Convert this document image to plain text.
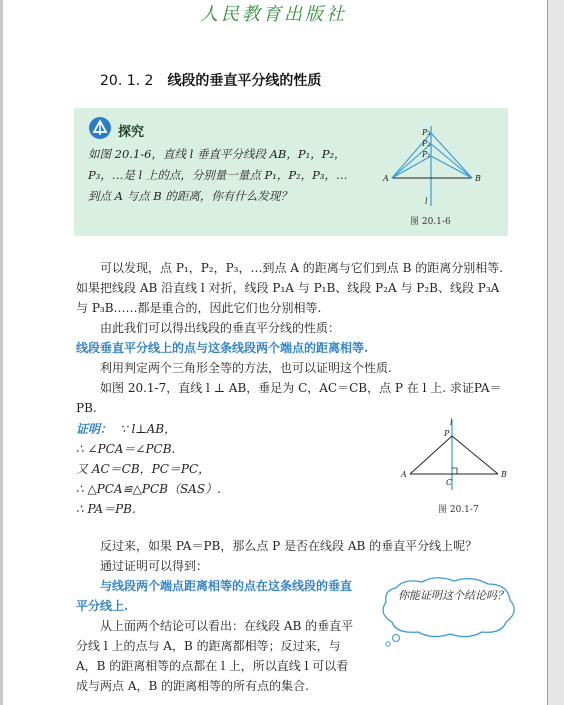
人民教育出版社
20. 1. 2 线段的垂直平分线的性质
探究
如图 20.1-6，直线 l 垂直平分线段 AB，P₁，P₂，P₃，…是 l 上的点，分别量一量点 P₁，P₂，P₃，…到点 A 与点 B 的距离，你有什么发现？
P₃
P₂
P₁
A	B
l
图 20.1-6
可以发现，点 P₁，P₂，P₃，…到点 A 的距离与它们到点 B 的距离分别相等. 如果把线段 AB 沿直线 l 对折，线段 P₁A 与 P₁B、线段 P₂A 与 P₂B、线段 P₃A 与 P₃B……都是重合的，因此它们也分别相等.
由此我们可以得出线段的垂直平分线的性质：
线段垂直平分线上的点与这条线段两个端点的距离相等.
利用判定两个三角形全等的方法，也可以证明这个性质.
如图 20.1-7，直线 l ⊥ AB，垂足为 C，AC＝CB，点 P 在 l 上. 求证PA＝PB.
证明： ∵ l⊥AB，
∴ ∠PCA＝∠PCB.
又 AC＝CB，PC＝PC，
∴ △PCA≌△PCB（SAS）.
∴ PA＝PB.
l
P
A
C
B
图 20.1-7
反过来，如果 PA＝PB，那么点 P 是否在线段 AB 的垂直平分线上呢？
通过证明可以得到：
与线段两个端点距离相等的点在这条线段的垂直平分线上.
从上面两个结论可以看出：在线段 AB 的垂直平分线 l 上的点与 A，B 的距离都相等；反过来，与 A，B 的距离相等的点都在 l 上，所以直线 l 可以看成与两点 A，B 的距离相等的所有点的集合.
你能证明这个结论吗？
